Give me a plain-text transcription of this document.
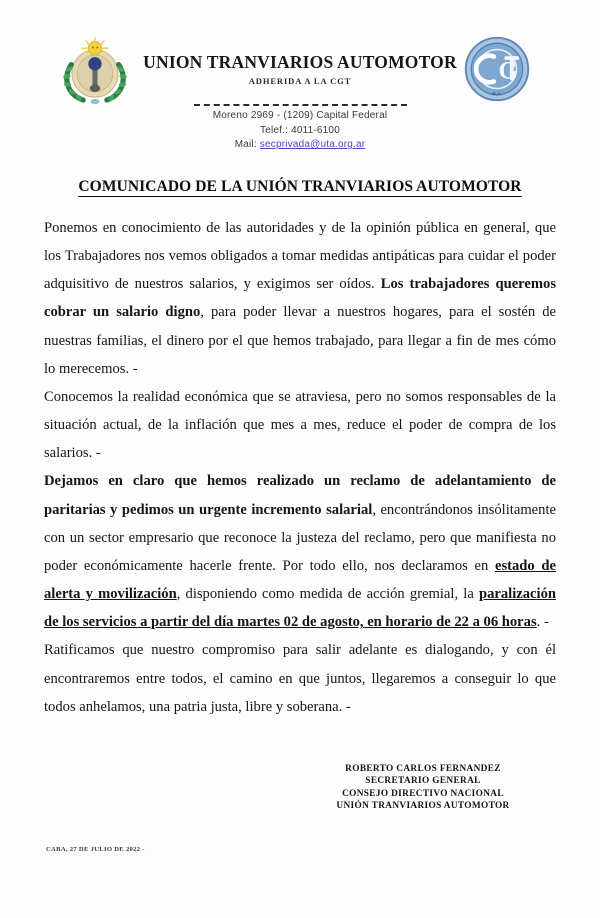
UNION TRANVIARIOS AUTOMOTOR
ADHERIDA A LA CGT	G
R.A.
Moreno 2969 - (1209) Capital Federal
Telef.: 4011-6100
Mail: secprivada@uta.org.ar
COMUNICADO DE LA UNIÓN TRANVIARIOS AUTOMOTOR
Ponemos en conocimiento de las autoridades y de la opinión pública en general, que los Trabajadores nos vemos obligados a tomar medidas antipáticas para cuidar el poder adquisitivo de nuestros salarios, y exigimos ser oídos. Los trabajadores queremos cobrar un salario digno, para poder llevar a nuestros hogares, para el sostén de nuestras familias, el dinero por el que hemos trabajado, para llegar a fin de mes cómo lo merecemos. -
Conocemos la realidad económica que se atraviesa, pero no somos responsables de la situación actual, de la inflación que mes a mes, reduce el poder de compra de los salarios. -
Dejamos en claro que hemos realizado un reclamo de adelantamiento de paritarias y pedimos un urgente incremento salarial, encontrándonos insólitamente con un sector empresario que reconoce la justeza del reclamo, pero que manifiesta no poder económicamente hacerle frente. Por todo ello, nos declaramos en estado de alerta y movilización, disponiendo como medida de acción gremial, la paralización de los servicios a partir del día martes 02 de agosto, en horario de 22 a 06 horas. -
Ratificamos que nuestro compromiso para salir adelante es dialogando, y con él encontraremos entre todos, el camino en que juntos, llegaremos a conseguir lo que todos anhelamos, una patria justa, libre y soberana. -
ROBERTO CARLOS FERNANDEZ
SECRETARIO GENERAL
CONSEJO DIRECTIVO NACIONAL
UNIÓN TRANVIARIOS AUTOMOTOR
CABA, 27 DE JULIO DE 2022 -
